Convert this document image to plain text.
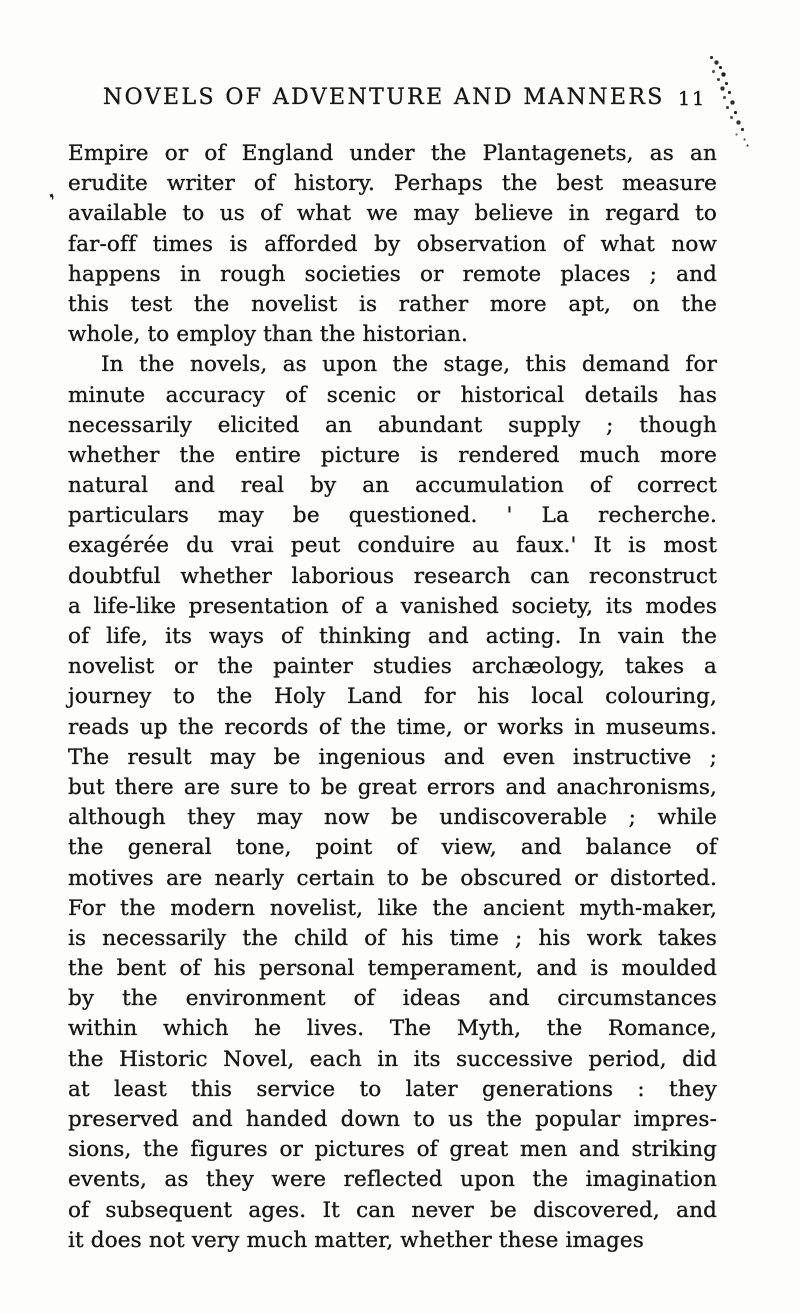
NOVELS OF ADVENTURE AND MANNERS 11
❜
Empire or of England under the Plantagenets, as an
erudite writer of history. Perhaps the best measure
available to us of what we may believe in regard to
far-off times is afforded by observation of what now
happens in rough societies or remote places ; and
this test the novelist is rather more apt, on the
whole, to employ than the historian.
In the novels, as upon the stage, this demand for
minute accuracy of scenic or historical details has
necessarily elicited an abundant supply ; though
whether the entire picture is rendered much more
natural and real by an accumulation of correct
particulars may be questioned. ' La recherche.
exagérée du vrai peut conduire au faux.' It is most
doubtful whether laborious research can reconstruct
a life-like presentation of a vanished society, its modes
of life, its ways of thinking and acting. In vain the
novelist or the painter studies archæology, takes a
journey to the Holy Land for his local colouring,
reads up the records of the time, or works in museums.
The result may be ingenious and even instructive ;
but there are sure to be great errors and anachronisms,
although they may now be undiscoverable ; while
the general tone, point of view, and balance of
motives are nearly certain to be obscured or distorted.
For the modern novelist, like the ancient myth-maker,
is necessarily the child of his time ; his work takes
the bent of his personal temperament, and is moulded
by the environment of ideas and circumstances
within which he lives. The Myth, the Romance,
the Historic Novel, each in its successive period, did
at least this service to later generations : they
preserved and handed down to us the popular impres-
sions, the figures or pictures of great men and striking
events, as they were reflected upon the imagination
of subsequent ages. It can never be discovered, and
it does not very much matter, whether these images
